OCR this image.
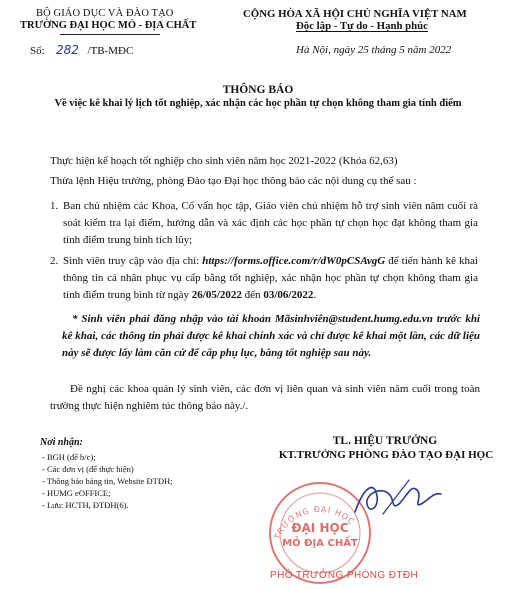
BỘ GIÁO DỤC VÀ ĐÀO TẠO
TRƯỜNG ĐẠI HỌC MỎ - ĐỊA CHẤT
CỘNG HÒA XÃ HỘI CHỦ NGHĨA VIỆT NAM
Độc lập - Tự do - Hạnh phúc
Số: 282 /TB-MĐC	Hà Nội, ngày 25 tháng 5 năm 2022
THÔNG BÁO
Về việc kê khai lý lịch tốt nghiệp, xác nhận các học phần tự chọn không tham gia tính điểm
Thực hiện kế hoạch tốt nghiệp cho sinh viên năm học 2021-2022 (Khóa 62,63)
Thừa lệnh Hiệu trưởng, phòng Đào tạo Đại học thông báo các nội dung cụ thể sau :
1. Ban chủ nhiệm các Khoa, Cố vấn học tập, Giáo viên chủ nhiệm hỗ trợ sinh viên năm cuối rà soát kiểm tra lại điểm, hướng dẫn và xác định các học phần tự chọn học đạt không tham gia tính điểm trung bình tích lũy;
2. Sinh viên truy cập vào địa chỉ: https://forms.office.com/r/dW0pCSAvgG để tiến hành kê khai thông tin cá nhân phục vụ cấp bằng tốt nghiệp, xác nhận học phần tự chọn không tham gia tính điểm trung bình từ ngày 26/05/2022 đến 03/06/2022.
* Sinh viên phải đăng nhập vào tài khoản Mãsinhviên@student.humg.edu.vn trước khi kê khai, các thông tin phải được kê khai chính xác và chỉ được kê khai một lần, các dữ liệu này sẽ được lấy làm căn cứ để cấp phụ lục, bằng tốt nghiệp sau này.
Đề nghị các khoa quản lý sinh viên, các đơn vị liên quan và sinh viên năm cuối trong toàn trường thực hiện nghiêm túc thông báo này./.
Nơi nhận:
- BGH (để b/c);
- Các đơn vị (để thực hiện)
- Thông báo bảng tin, Website ĐTĐH;
- HUMG eOFFICE;
- Lưu: HCTH, ĐTĐH(6).
TL. HIỆU TRƯỞNG
KT.TRƯỞNG PHÒNG ĐÀO TẠO ĐẠI HỌC
TRƯỜNG ĐẠI HỌC
ĐẠI HỌC
MỎ ĐỊA CHẤT
PHÓ TRƯỞNG PHÒNG ĐTĐH
